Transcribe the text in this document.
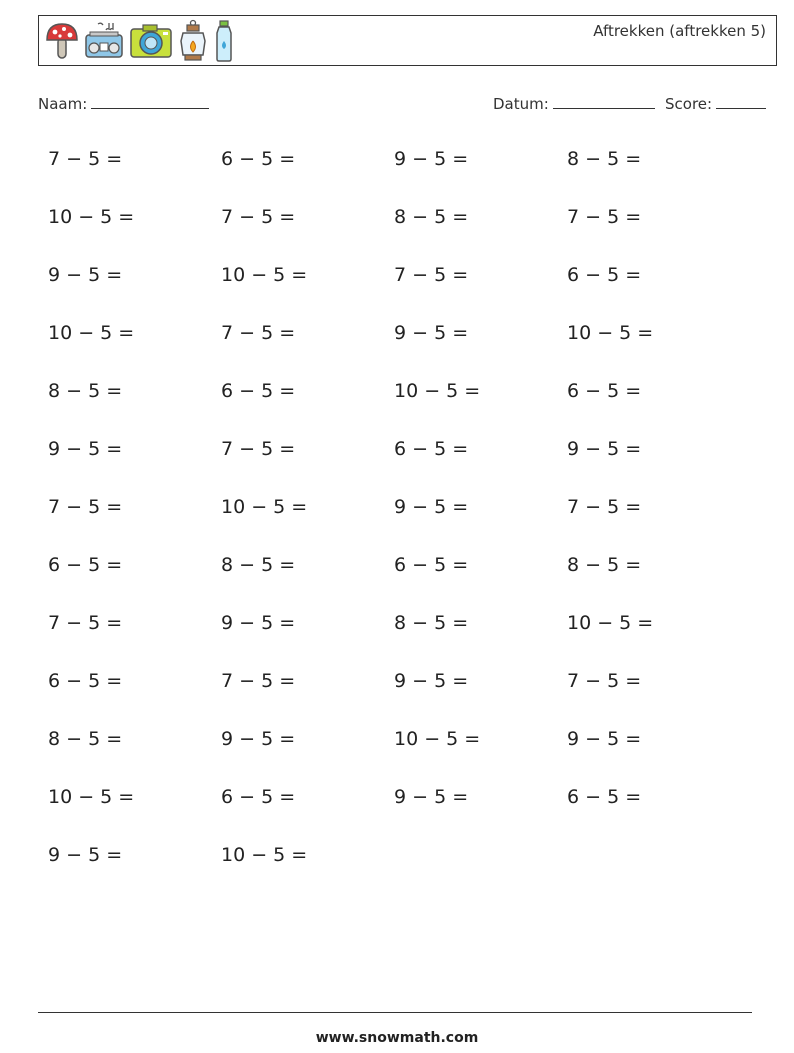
Aftrekken (aftrekken 5)
Naam:	Datum:	Score:
7 − 5 =	6 − 5 =	9 − 5 =	8 − 5 =
10 − 5 =	7 − 5 =	8 − 5 =	7 − 5 =
9 − 5 =	10 − 5 =	7 − 5 =	6 − 5 =
10 − 5 =	7 − 5 =	9 − 5 =	10 − 5 =
8 − 5 =	6 − 5 =	10 − 5 =	6 − 5 =
9 − 5 =	7 − 5 =	6 − 5 =	9 − 5 =
7 − 5 =	10 − 5 =	9 − 5 =	7 − 5 =
6 − 5 =	8 − 5 =	6 − 5 =	8 − 5 =
7 − 5 =	9 − 5 =	8 − 5 =	10 − 5 =
6 − 5 =	7 − 5 =	9 − 5 =	7 − 5 =
8 − 5 =	9 − 5 =	10 − 5 =	9 − 5 =
10 − 5 =	6 − 5 =	9 − 5 =	6 − 5 =
9 − 5 =	10 − 5 =
www.snowmath.com
